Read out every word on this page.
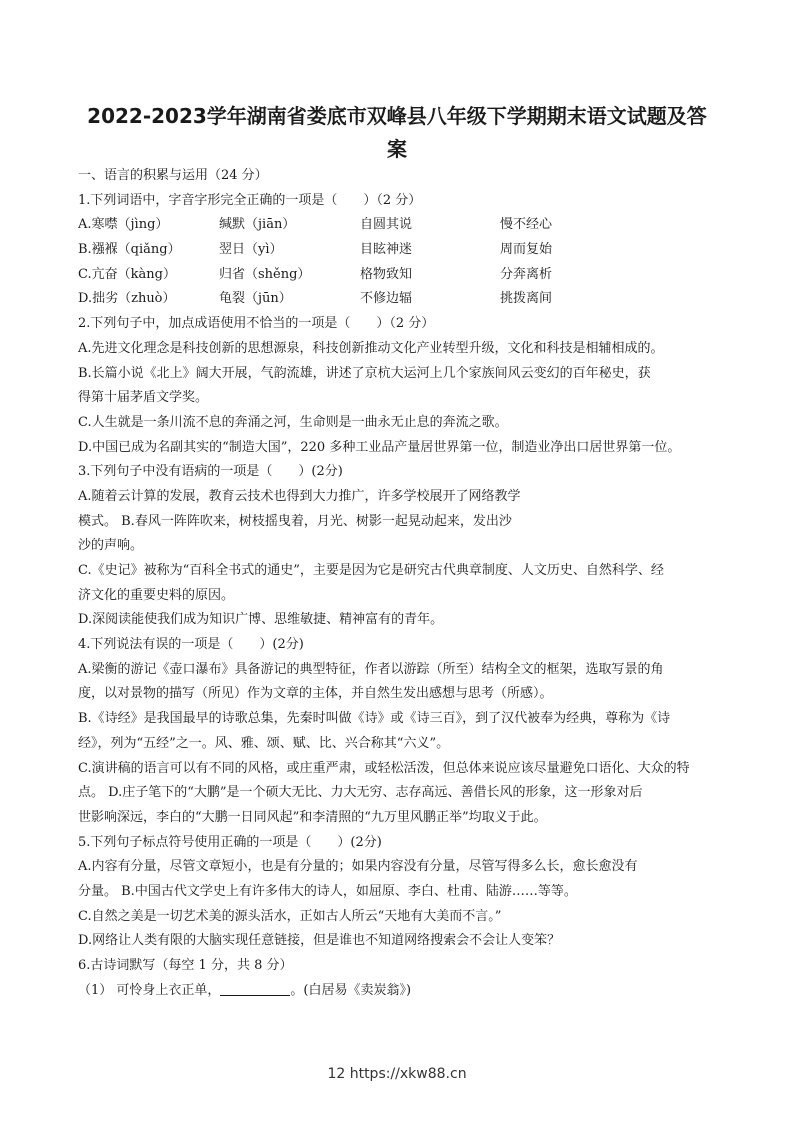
2022-2023学年湖南省娄底市双峰县八年级下学期期末语文试题及答
案
一、语言的积累与运用（24 分）
1.下列词语中，字音字形完全正确的一项是（　　）（2 分）
A.寒噤（jìng）	缄默（jiān）	自圆其说	慢不经心
B.襁褓（qiǎng）	翌日（yì）	目眩神迷	周而复始
C.亢奋（kàng）	归省（shěng）	格物致知	分奔离析
D.拙劣（zhuò）	龟裂（jūn）	不修边辐	挑拨离间
2.下列句子中，加点成语使用不恰当的一项是（　　）（2 分）
A.先进文化理念是科技创新的思想源泉，科技创新推动文化产业转型升级，文化和科技是相辅相成的。
B.长篇小说《北上》阔大开展，气韵流雄，讲述了京杭大运河上几个家族间风云变幻的百年秘史，获
得第十届茅盾文学奖。
C.人生就是一条川流不息的奔涌之河，生命则是一曲永无止息的奔流之歌。
D.中国已成为名副其实的“制造大国”，220 多种工业品产量居世界第一位，制造业净出口居世界第一位。
3.下列句子中没有语病的一项是（　　）(2分)
A.随着云计算的发展，教育云技术也得到大力推广，许多学校展开了网络教学
模式。 B.春风一阵阵吹来，树枝摇曳着，月光、树影一起晃动起来，发出沙
沙的声响。
C.《史记》被称为“百科全书式的通史”，主要是因为它是研究古代典章制度、人文历史、自然科学、经
济文化的重要史料的原因。
D.深阅读能使我们成为知识广博、思维敏捷、精神富有的青年。
4.下列说法有误的一项是（　　）(2分)
A.梁衡的游记《壶口瀑布》具备游记的典型特征，作者以游踪（所至）结构全文的框架，选取写景的角
度，以对景物的描写（所见）作为文章的主体，并自然生发出感想与思考（所感）。
B.《诗经》是我国最早的诗歌总集，先秦时叫做《诗》或《诗三百》，到了汉代被奉为经典，尊称为《诗
经》，列为“五经”之一。风、雅、颂、赋、比、兴合称其“六义”。
C.演讲稿的语言可以有不同的风格，或庄重严肃，或轻松活泼，但总体来说应该尽量避免口语化、大众的特
点。 D.庄子笔下的“大鹏”是一个硕大无比、力大无穷、志存高远、善借长风的形象，这一形象对后
世影响深远，李白的“大鹏一日同风起”和李清照的“九万里风鹏正举”均取义于此。
5.下列句子标点符号使用正确的一项是（　　）(2分)
A.内容有分量，尽管文章短小，也是有分量的；如果内容没有分量，尽管写得多么长，愈长愈没有
分量。 B.中国古代文学史上有许多伟大的诗人，如屈原、李白、杜甫、陆游……等等。
C.自然之美是一切艺术美的源头活水，正如古人所云“天地有大美而不言。”
D.网络让人类有限的大脑实现任意链接，但是谁也不知道网络搜索会不会让人变笨？
6.古诗词默写（每空 1 分，共 8 分）
（1） 可怜身上衣正单，	。(白居易《卖炭翁》)
12 https://xkw88.cn
